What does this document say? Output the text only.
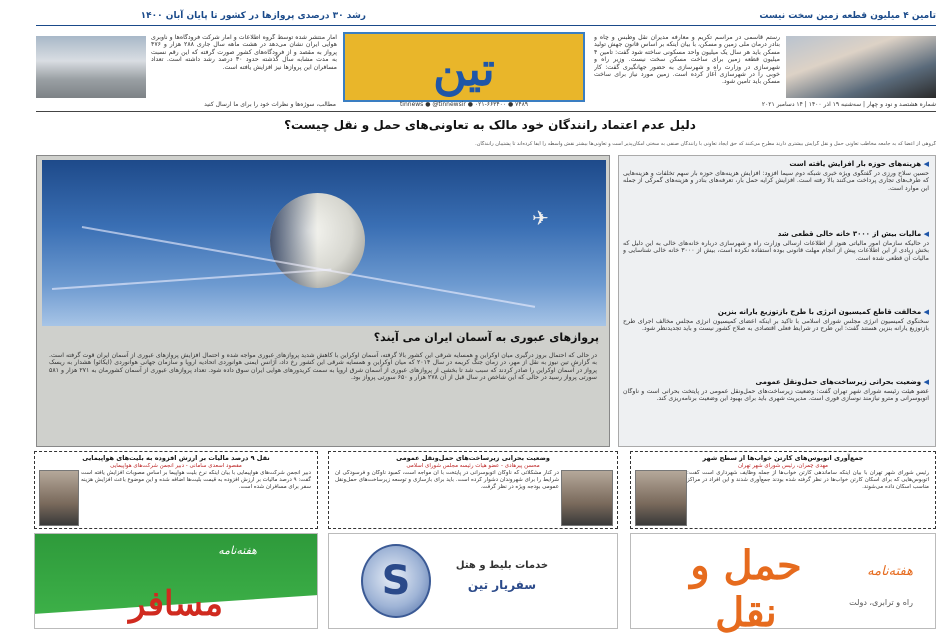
تامین ۴ میلیون قطعه زمین سخت نیست
رشد ۳۰ درصدی پروازها در کشور تا پایان آبان ۱۴۰۰
رستم قاسمی در مراسم تکریم و معارفه مدیران نقل وطبس و چاه و بنادر درمان ملی زمین و مسکن، با بیان اینکه بر اساس قانون جهش تولید مسکن باید هر سال یک میلیون واحد مسکونی ساخته شود گفت: تامین ۴ میلیون قطعه زمین برای ساخت مسکن سخت نیست. وزیر راه و شهرسازی در وزارت راه و شهرسازی به حضور جهانگیری گفت: کار خوبی را در شهرسازی آغاز کرده است. زمین مورد نیاز برای ساخت مسکن باید تامین شود.
آمار منتشر شده توسط گروه اطلاعات و آمار شرکت فرودگاه‌ها و ناوبری هوایی ایران نشان می‌دهد در هشت ماهه سال جاری ۲۸۸ هزار و ۴۷۶ پرواز به مقصد و از فرودگاه‌های کشور صورت گرفته که این رقم نسبت به مدت مشابه سال گذشته حدود ۳۰ درصد رشد داشته است. تعداد مسافران این پروازها نیز افزایش یافته است.	تین
شماره هشتصد و نود و چهار | سه‌شنبه ۱۹ آذر ۱۴۰۰ | ۱۴ دسامبر ۲۰۲۱
۷۴۸۹ ● ۰۲۱-۶۶۳۴۰۰ ● tinnews ● @tinnewsir
مطالب، سوژه‌ها و نظرات خود را برای ما ارسال کنید
دلیل عدم اعتماد رانندگان خود مالک به تعاونی‌های حمل و نقل چیست؟
گروهی از اعضا که به جامعه مخاطب تعاونی حمل و نقل گرایش بیشتری دارند مطرح می‌کنند که حق ایجاد تعاونی با رانندگان صنفی به سختی امکان‌پذیر است و تعاونی‌ها بیشتر نقش واسطه را ایفا کرده‌اند تا پشتیبان رانندگان.
✈
پروازهای عبوری به آسمان ایران می‌ آیند؟
در حالی که احتمال بروز درگیری میان اوکراین و همسایه شرقی این کشور بالا گرفته، آسمان اوکراین با کاهش شدید پروازهای عبوری مواجه شده و احتمال افزایش پروازهای عبوری از آسمان ایران قوت گرفته است. به گزارش تین نیوز به نقل از مهر، در زمان جنگ کریمه در سال ۲۰۱۴ که میان اوکراین و همسایه شرقی این کشور رخ داد، آژانس ایمنی هوانوردی اتحادیه اروپا و سازمان جهانی هوانوردی (ایکائو) هشدار به ریسک پرواز در آسمان اوکراین را صادر کردند که سبب شد تا بخشی از پروازهای عبوری از آسمان شرق اروپا به سمت کریدورهای هوایی ایران سوق داده شود. تعداد پروازهای عبوری از آسمان کشورمان به ۲۷۱ هزار و ۵۸۱ سورتی پرواز رسید در حالی که این شاخص در سال قبل از آن ۲۷۸ هزار و ۶۵۰ سورتی پرواز بود.
◀ هزینه‌های حوزه بار افزایش یافته است
حسین سلاح ورزی در گفتگوی ویژه خبری شبکه دوم سیما افزود: افزایش هزینه‌های حوزه بار سهم تخلفات و هزینه‌هایی که طرف‌های تجاری پرداخت می‌کنند بالا رفته است. افزایش کرایه حمل بار، تعرفه‌های بنادر و هزینه‌های گمرکی از جمله این موارد است.
◀ مالیات بیش از ۳۰۰۰ خانه خالی قطعی شد
در حالیکه سازمان امور مالیاتی هنوز از اطلاعات ارسالی وزارت راه و شهرسازی درباره خانه‌های خالی به این دلیل که بخش زیادی از این اطلاعات پیش از انجام مهلت قانونی بوده استفاده نکرده است، بیش از ۳۰۰۰ خانه خالی شناسایی و مالیات آن قطعی شده است.
◀ مخالفت قاطع کمیسیون انرژی با طرح بازتوزیع یارانه بنزین
سخنگوی کمیسیون انرژی مجلس شورای اسلامی با تاکید بر اینکه اعضای کمیسیون انرژی مجلس مخالف اجرای طرح بازتوزیع یارانه بنزین هستند گفت: این طرح در شرایط فعلی اقتصادی به صلاح کشور نیست و باید تجدیدنظر شود.
◀ وضعیت بحرانی زیرساخت‌های حمل‌ونقل عمومی
عضو هیئت رئیسه شورای شهر تهران گفت: وضعیت زیرساخت‌های حمل‌ونقل عمومی در پایتخت بحرانی است و ناوگان اتوبوسرانی و مترو نیازمند نوسازی فوری است. مدیریت شهری باید برای بهبود این وضعیت برنامه‌ریزی کند.
جمع‌آوری اتوبوس‌های کارتن خواب‌ها از سطح شهر
مهدی چمران، رئیس شورای شهر تهران
رئیس شورای شهر تهران با بیان اینکه ساماندهی کارتن خواب‌ها از جمله وظایف شهرداری است گفت: اتوبوس‌هایی که برای اسکان کارتن خواب‌ها در نظر گرفته شده بودند جمع‌آوری شدند و این افراد در مراکز مناسب اسکان داده می‌شوند.
وضعیت بحرانی زیرساخت‌های حمل‌ونقل عمومی
محسن پیرهادی - عضو هیات رئیسه مجلس شورای اسلامی
در کنار مشکلاتی که ناوگان اتوبوسرانی در پایتخت با آن مواجه است، کمبود ناوگان و فرسودگی آن شرایط را برای شهروندان دشوار کرده است. باید برای بازسازی و توسعه زیرساخت‌های حمل‌ونقل عمومی بودجه ویژه در نظر گرفت.
نقل ۹ درصد مالیات بر ارزش افزوده به بلیت‌های هواپیمایی
مقصود اسعدی سامانی - دبیر انجمن شرکت‌های هواپیمایی
دبیر انجمن شرکت‌های هواپیمایی با بیان اینکه نرخ بلیت هواپیما بر اساس مصوبات افزایش یافته است گفت: ۹ درصد مالیات بر ارزش افزوده به قیمت بلیت‌ها اضافه شده و این موضوع باعث افزایش هزینه سفر برای مسافران شده است.
هفته‌نامه
مسافر	S	خدمات بلیط و هتل
سفریار تین	حمل و نقل
هفته‌نامه
راه و ترابری، دولت
